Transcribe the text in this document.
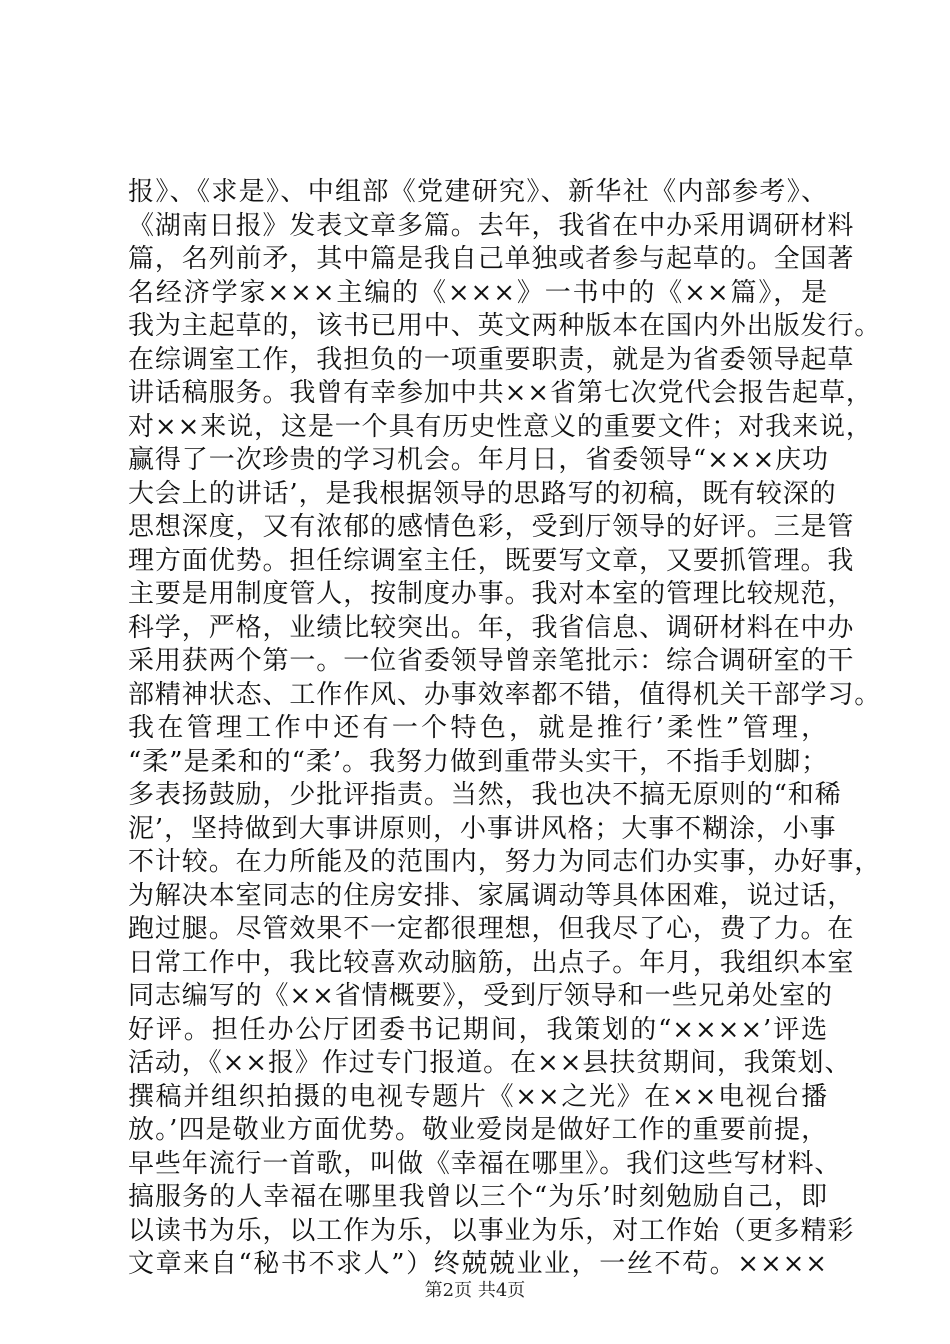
报》、《求是》、中组部《党建研究》、新华社《内部参考》、
《湖南日报》发表文章多篇。去年，我省在中办采用调研材料
篇，名列前矛，其中篇是我自己单独或者参与起草的。全国著
名经济学家×××主编的《×××》一书中的《××篇》，是
我为主起草的，该书已用中、英文两种版本在国内外出版发行。
在综调室工作，我担负的一项重要职责，就是为省委领导起草
讲话稿服务。我曾有幸参加中共××省第七次党代会报告起草，
对××来说，这是一个具有历史性意义的重要文件；对我来说，
赢得了一次珍贵的学习机会。年月日，省委领导“×××庆功
大会上的讲话’，是我根据领导的思路写的初稿，既有较深的
思想深度，又有浓郁的感情色彩，受到厅领导的好评。三是管
理方面优势。担任综调室主任，既要写文章，又要抓管理。我
主要是用制度管人，按制度办事。我对本室的管理比较规范，
科学，严格，业绩比较突出。年，我省信息、调研材料在中办
采用获两个第一。一位省委领导曾亲笔批示：综合调研室的干
部精神状态、工作作风、办事效率都不错，值得机关干部学习。
我在管理工作中还有一个特色，就是推行’柔性”管理，
“柔”是柔和的“柔’。我努力做到重带头实干，不指手划脚；
多表扬鼓励，少批评指责。当然，我也决不搞无原则的“和稀
泥’，坚持做到大事讲原则，小事讲风格；大事不糊涂，小事
不计较。在力所能及的范围内，努力为同志们办实事，办好事，
为解决本室同志的住房安排、家属调动等具体困难，说过话，
跑过腿。尽管效果不一定都很理想，但我尽了心，费了力。在
日常工作中，我比较喜欢动脑筋，出点子。年月，我组织本室
同志编写的《××省情概要》，受到厅领导和一些兄弟处室的
好评。担任办公厅团委书记期间，我策划的“××××’评选
活动，《××报》作过专门报道。在××县扶贫期间，我策划、
撰稿并组织拍摄的电视专题片《××之光》在××电视台播
放。’四是敬业方面优势。敬业爱岗是做好工作的重要前提，
早些年流行一首歌，叫做《幸福在哪里》。我们这些写材料、
搞服务的人幸福在哪里我曾以三个“为乐’时刻勉励自己，即
以读书为乐，以工作为乐，以事业为乐，对工作始（更多精彩
文章来自“秘书不求人”）终兢兢业业，一丝不苟。××××
第2页 共4页
